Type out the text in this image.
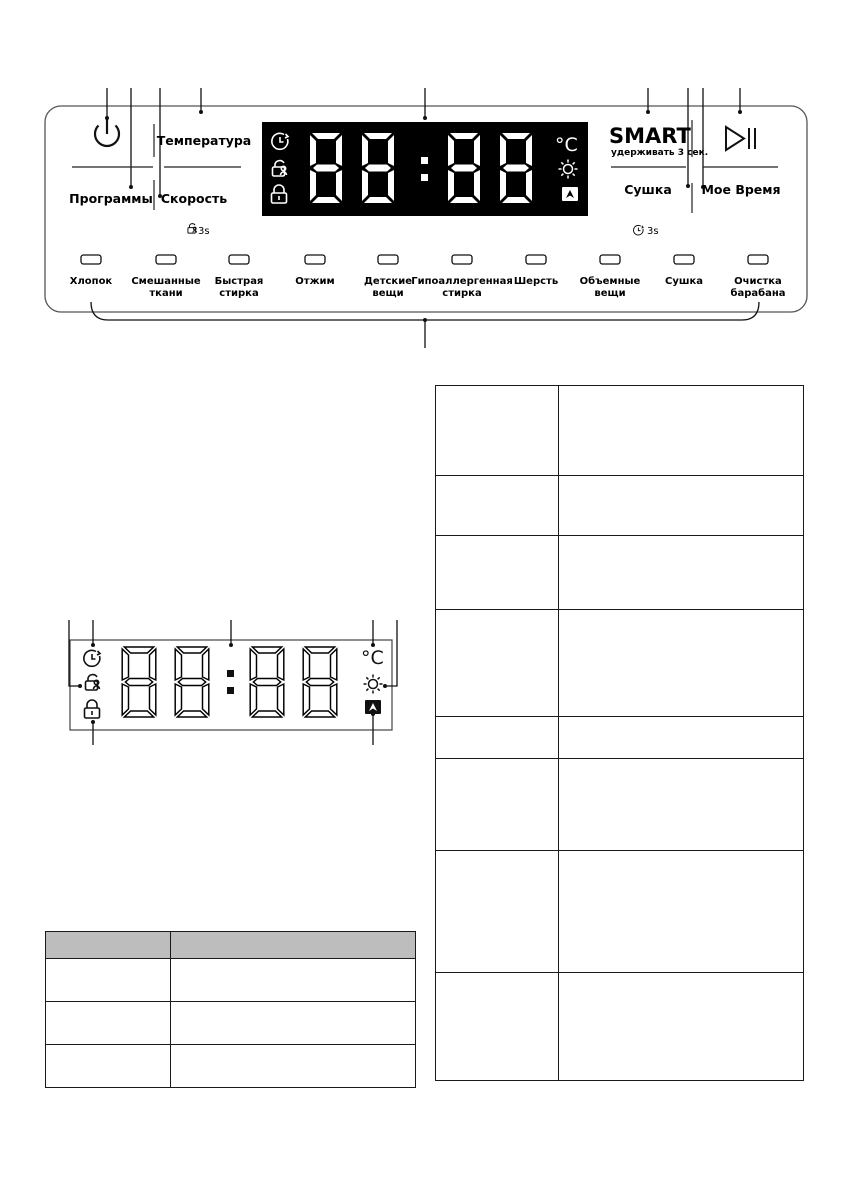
Программы
Температура
Скорость
3s
°C SMART
удерживать 3 сек.
Сушка Мое Время
3s
Хлопок Смешанные
ткани
Быстрая
стирка
Отжим	Детские
вещи
Гипоаллергенная
стирка
Шерсть Объемные
вещи
Сушка	Очистка
барабана
°C
